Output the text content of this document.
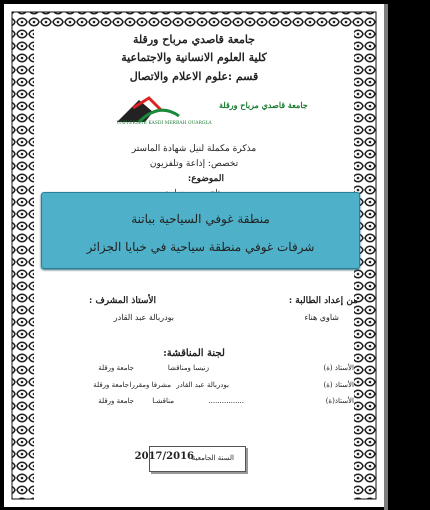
جامعة قاصدي مرباح ورقلة
كلية العلوم الانسانية والاجتماعية
قسم :علوم الاعلام والاتصال
جامعة قاصدي مرباح ورقلة
UNIVERSITE KASDI MERBAH OUARGLA
مذكرة مكملة لنيل شهادة الماستر
تخصص: إذاعة وتلفزيون
الموضوع:
منطقة غوفي السياحية بباتنة
شرفات غوفي منطقة سياحية في خبايا الجزائر
من إعداد الطالبة :
شاوي هناء
الأستاذ المشرف :
بودربالة عبد القادر
لجنة المناقشة:
الأستاذ (ة)
زنيسا ومناقشا
جامعة ورقلة
الأستاذ (ة)
بودربالة عبد القادر
مشرفا ومقررا
جامعة ورقلة
الأستاذ(ة)
................
مناقشـا
جامعة ورقلة
السنة الجامعية
2017/2016
